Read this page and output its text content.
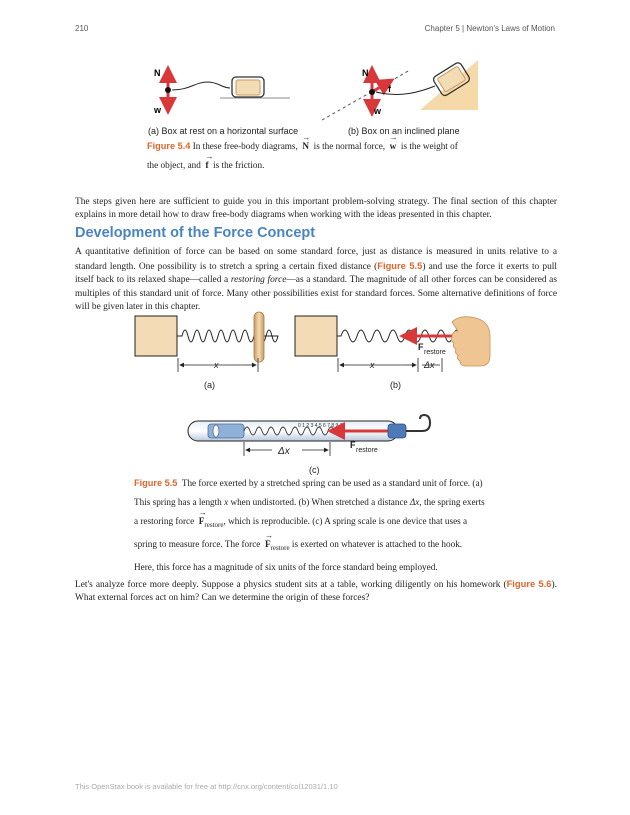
210	Chapter 5 | Newton's Laws of Motion
N
w
N
f
w
(a) Box at rest on a horizontal surface	(b) Box on an inclined plane
Figure 5.4 In these free-body diagrams, → N is the normal force, → w is the weight of
the object, and → f is the friction.
The steps given here are sufficient to guide you in this important problem-solving strategy. The final section of this chapter explains in more detail how to draw free-body diagrams when working with the ideas presented in this chapter.
Development of the Force Concept
A quantitative definition of force can be based on some standard force, just as distance is measured in units relative to a standard length. One possibility is to stretch a spring a certain fixed distance (Figure 5.5) and use the force it exerts to pull itself back to its relaxed shape—called a restoring force—as a standard. The magnitude of all other forces can be considered as multiples of this standard unit of force. Many other possibilities exist for standard forces. Some alternative definitions of force will be given later in this chapter.
x
(a)
x	Δx
F
restore
(b)
0 1 2 3 4 5 6 7 8 9 10
Δx
F
restore
(c)
Figure 5.5 The force exerted by a stretched spring can be used as a standard unit of force. (a)
This spring has a length x when undistorted. (b) When stretched a distance Δx, the spring exerts
a restoring force → $F_{restore}$, which is reproducible. (c) A spring scale is one device that uses a
spring to measure force. The force → $F_{restore}$ is exerted on whatever is attached to the hook.
Here, this force has a magnitude of six units of the force standard being employed.
Let's analyze force more deeply. Suppose a physics student sits at a table, working diligently on his homework (Figure 5.6). What external forces act on him? Can we determine the origin of these forces?
This OpenStax book is available for free at http://cnx.org/content/col12031/1.10
